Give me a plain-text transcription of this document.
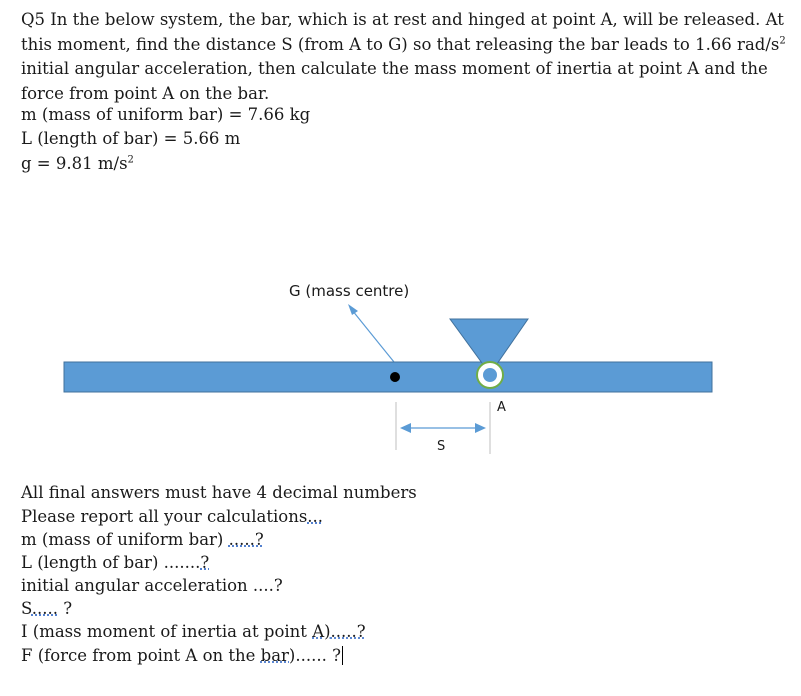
Q5 In the below system, the bar, which is at rest and hinged at point A, will be released. At this moment, find the distance S (from A to G) so that releasing the bar leads to 1.66 rad/$s^2$ initial angular acceleration, then calculate the mass moment of inertia at point A and the force from point A on the bar.

m (mass of uniform bar) = 7.66 kg
L (length of bar) = 5.66 m
g = 9.81 $m/s^2$
G (mass centre)
A
S
All final answers must have 4 decimal numbers
Please report all your calculations...
m (mass of uniform bar) .....?
L (length of bar) .......?
initial angular acceleration ....?
S..... ?
I (mass moment of inertia at point A).....?
F (force from point A on the bar)...... ?
